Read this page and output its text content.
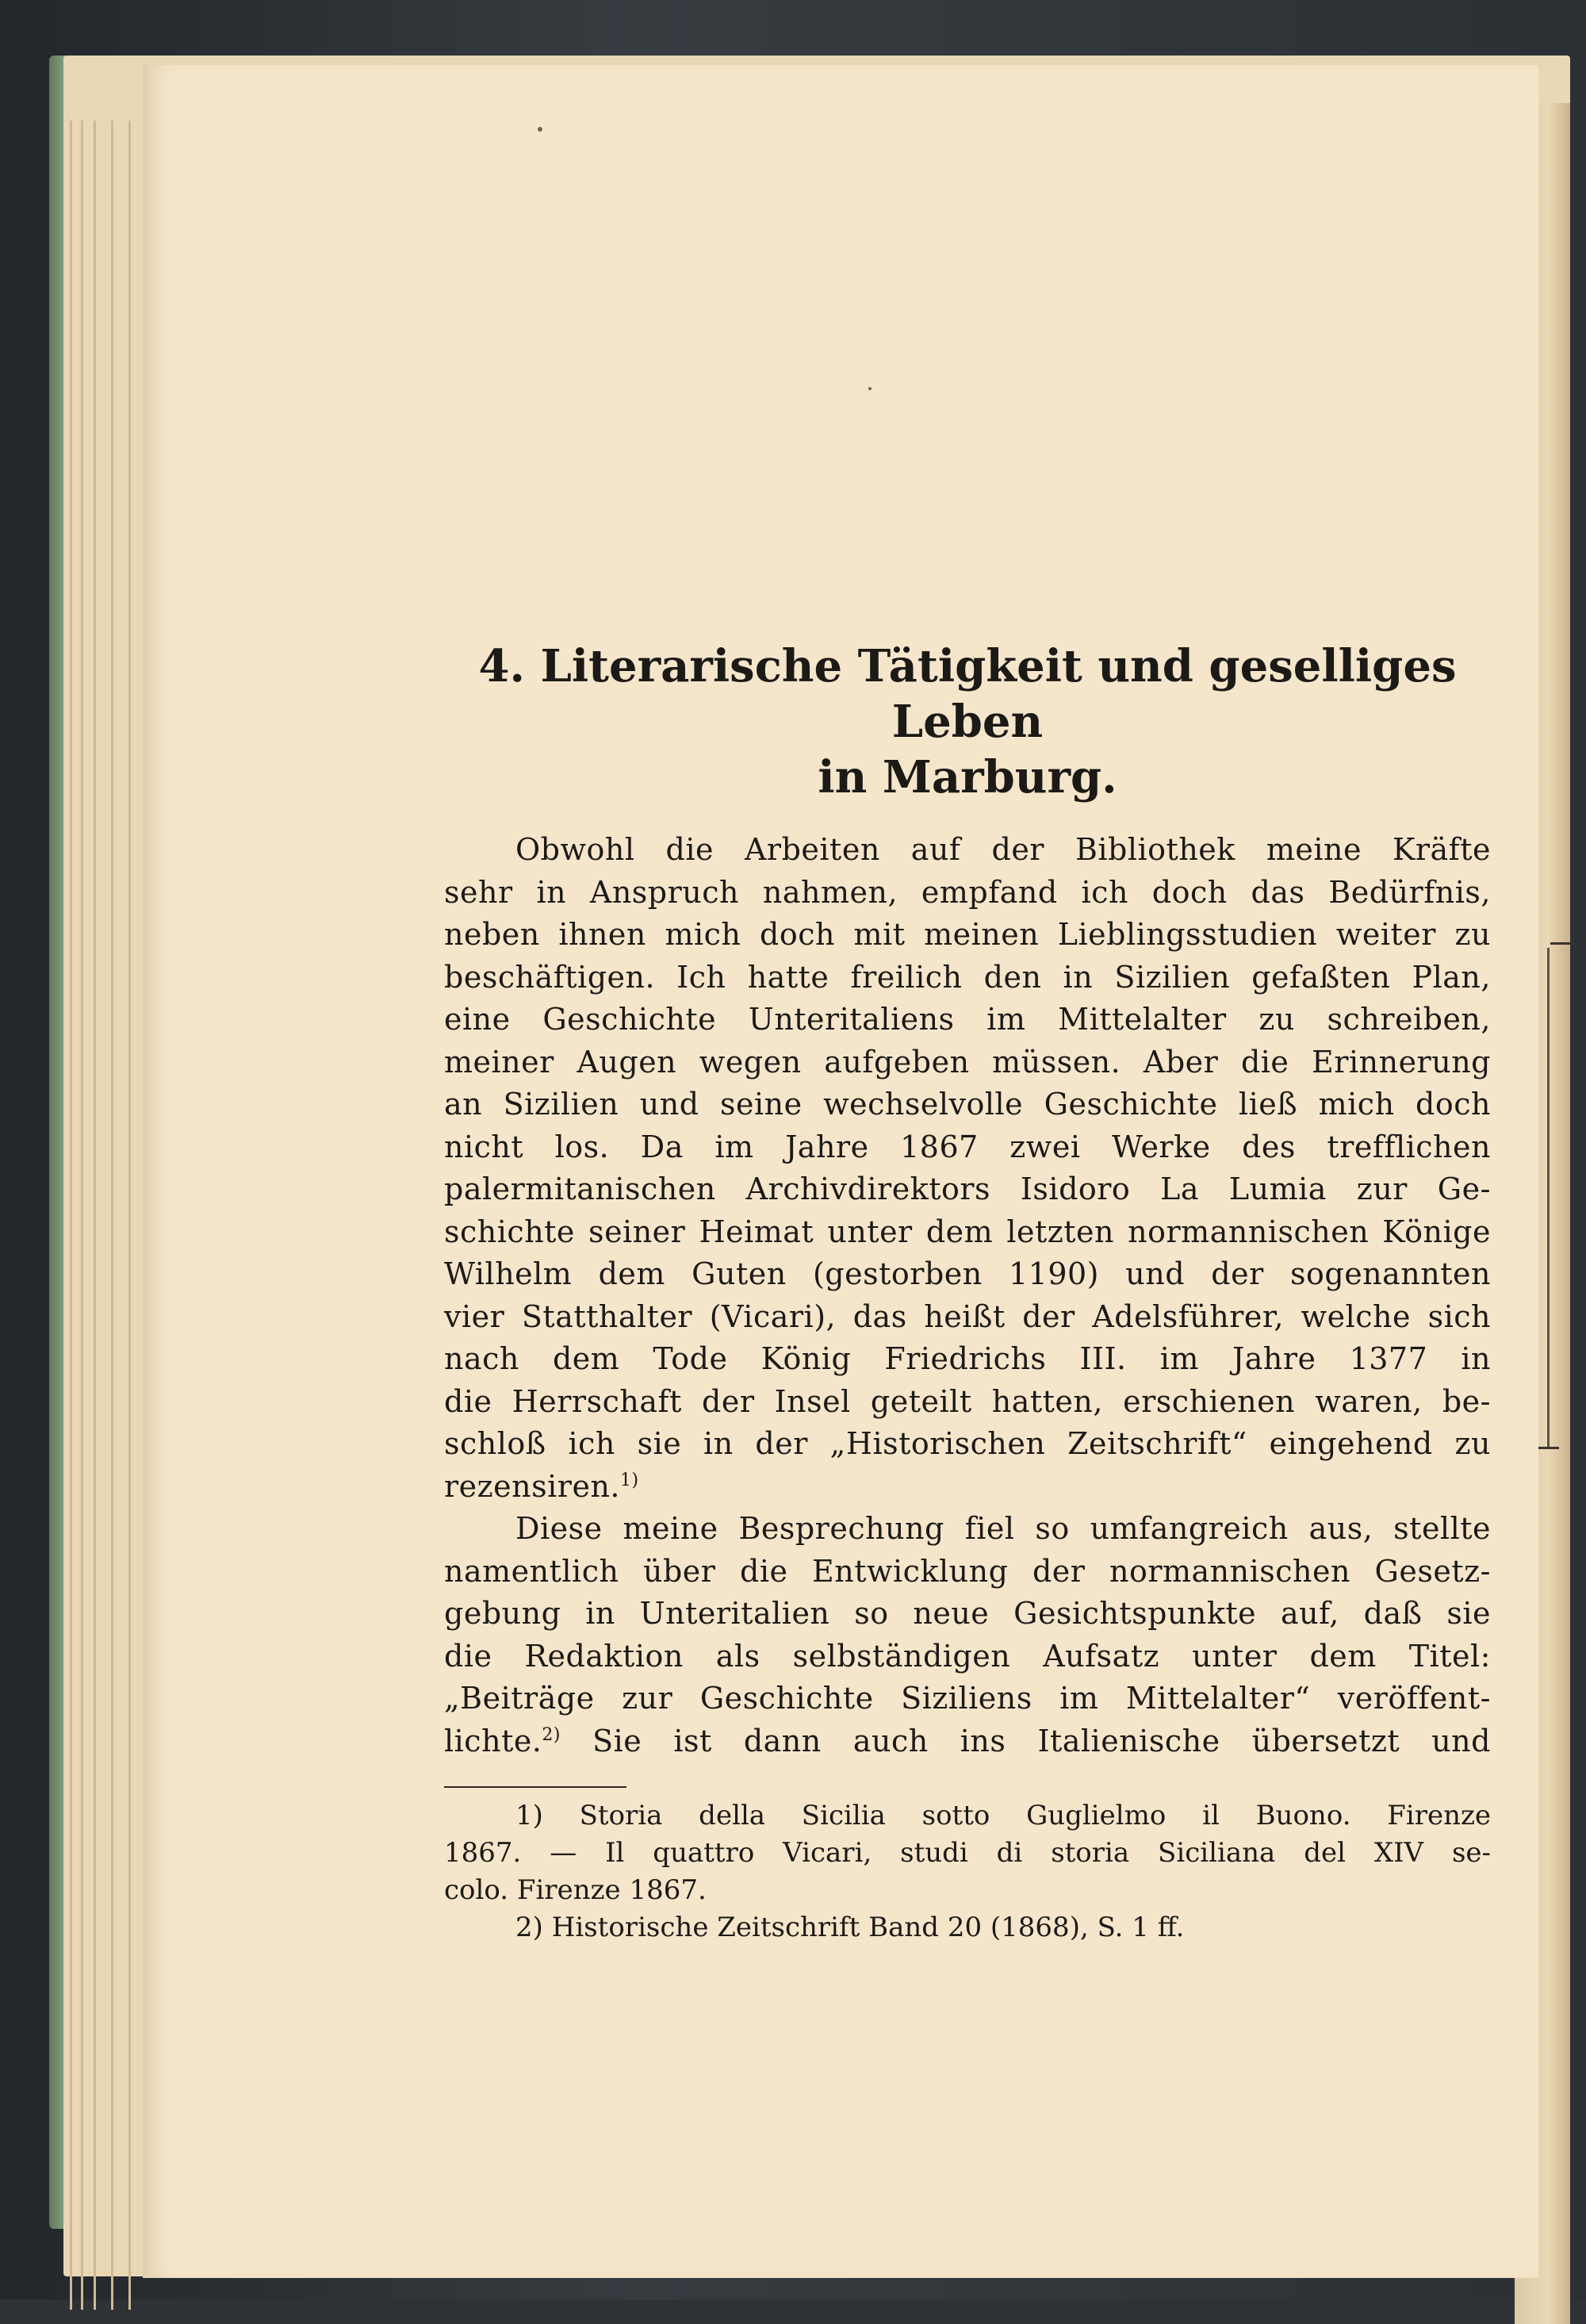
4. Literarische Tätigkeit und geselliges Leben
in Marburg.
Obwohl die Arbeiten auf der Bibliothek meine Kräfte
sehr in Anspruch nahmen, empfand ich doch das Bedürfnis,
neben ihnen mich doch mit meinen Lieblingsstudien weiter zu
beschäftigen. Ich hatte freilich den in Sizilien gefaßten Plan,
eine Geschichte Unteritaliens im Mittelalter zu schreiben,
meiner Augen wegen aufgeben müssen. Aber die Erinnerung
an Sizilien und seine wechselvolle Geschichte ließ mich doch
nicht los. Da im Jahre 1867 zwei Werke des trefflichen
palermitanischen Archivdirektors Isidoro La Lumia zur Ge-
schichte seiner Heimat unter dem letzten normannischen Könige
Wilhelm dem Guten (gestorben 1190) und der sogenannten
vier Statthalter (Vicari), das heißt der Adelsführer, welche sich
nach dem Tode König Friedrichs III. im Jahre 1377 in
die Herrschaft der Insel geteilt hatten, erschienen waren, be-
schloß ich sie in der „Historischen Zeitschrift“ eingehend zu
rezensiren.$^{1)}$
Diese meine Besprechung fiel so umfangreich aus, stellte
namentlich über die Entwicklung der normannischen Gesetz-
gebung in Unteritalien so neue Gesichtspunkte auf, daß sie
die Redaktion als selbständigen Aufsatz unter dem Titel:
„Beiträge zur Geschichte Siziliens im Mittelalter“ veröffent-
lichte.$^{2)}$ Sie ist dann auch ins Italienische übersetzt und
1) Storia della Sicilia sotto Guglielmo il Buono. Firenze
1867. — Il quattro Vicari, studi di storia Siciliana del XIV se-
colo. Firenze 1867.
2) Historische Zeitschrift Band 20 (1868), S. 1 ff.
